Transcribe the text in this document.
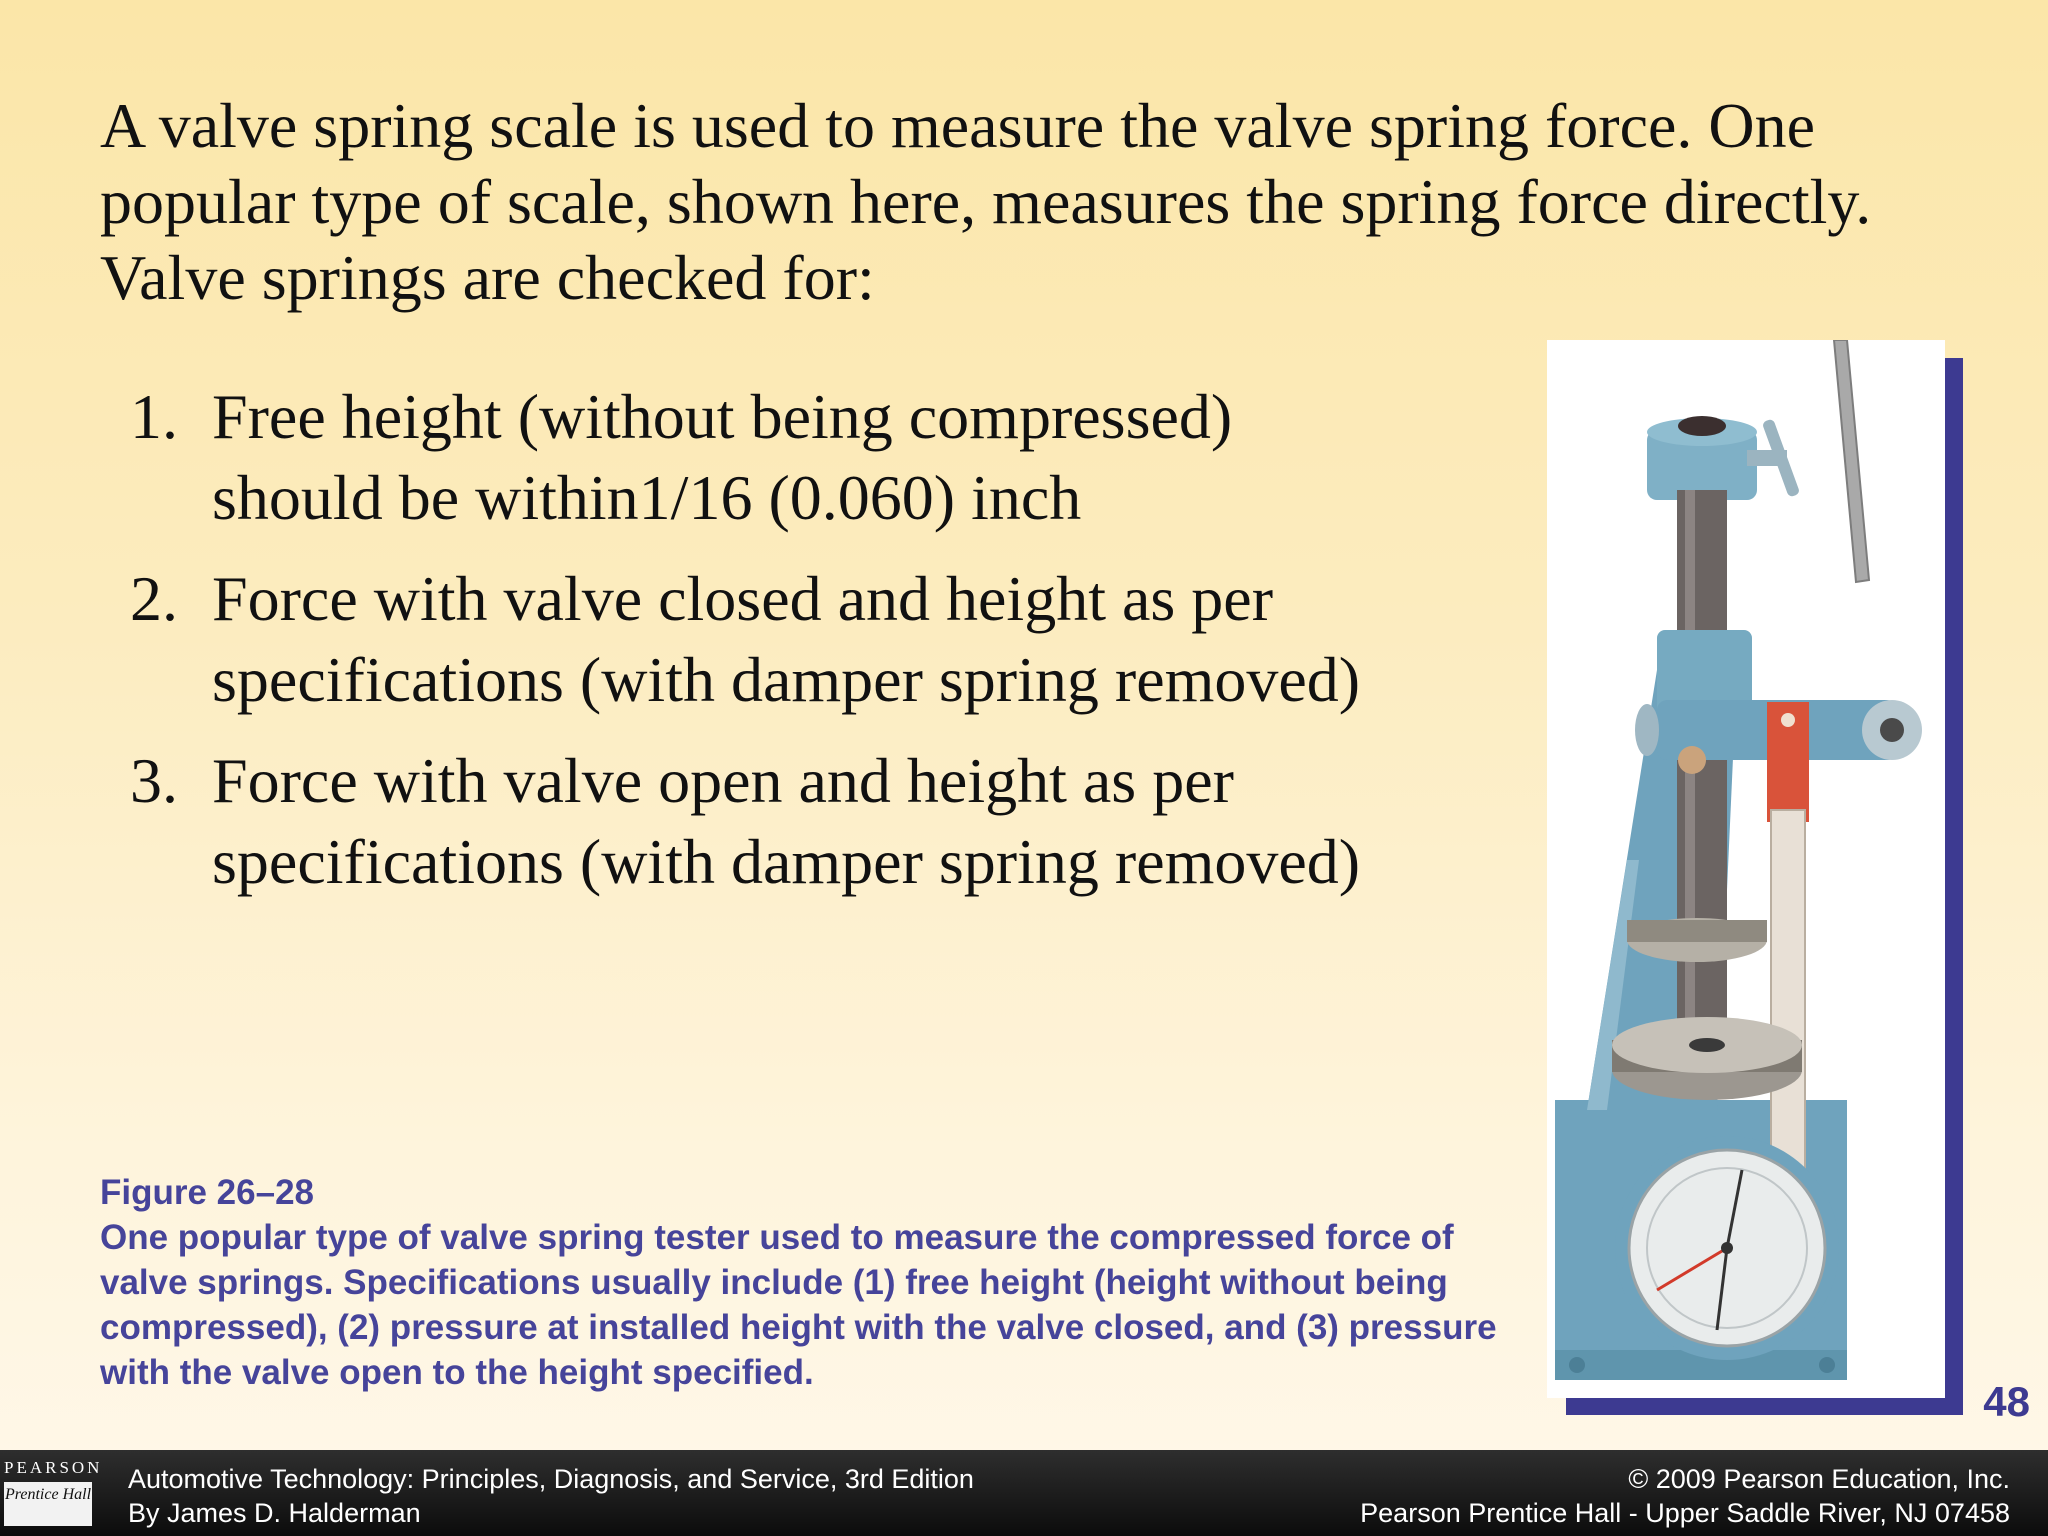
A valve spring scale is used to measure the valve spring force. One popular type of scale, shown here, measures the spring force directly. Valve springs are checked for:
1. Free height (without being compressed) should be within1/16 (0.060) inch
2. Force with valve closed and height as per specifications (with damper spring removed)
3. Force with valve open and height as per specifications (with damper spring removed)
Figure 26–28
One popular type of valve spring tester used to measure the compressed force of valve springs. Specifications usually include (1) free height (height without being compressed), (2) pressure at installed height with the valve closed, and (3) pressure with the valve open to the height specified.
48
PEARSON
Prentice Hall
Automotive Technology: Principles, Diagnosis, and Service, 3rd Edition
By James D. Halderman
© 2009 Pearson Education, Inc.
Pearson Prentice Hall - Upper Saddle River, NJ 07458
